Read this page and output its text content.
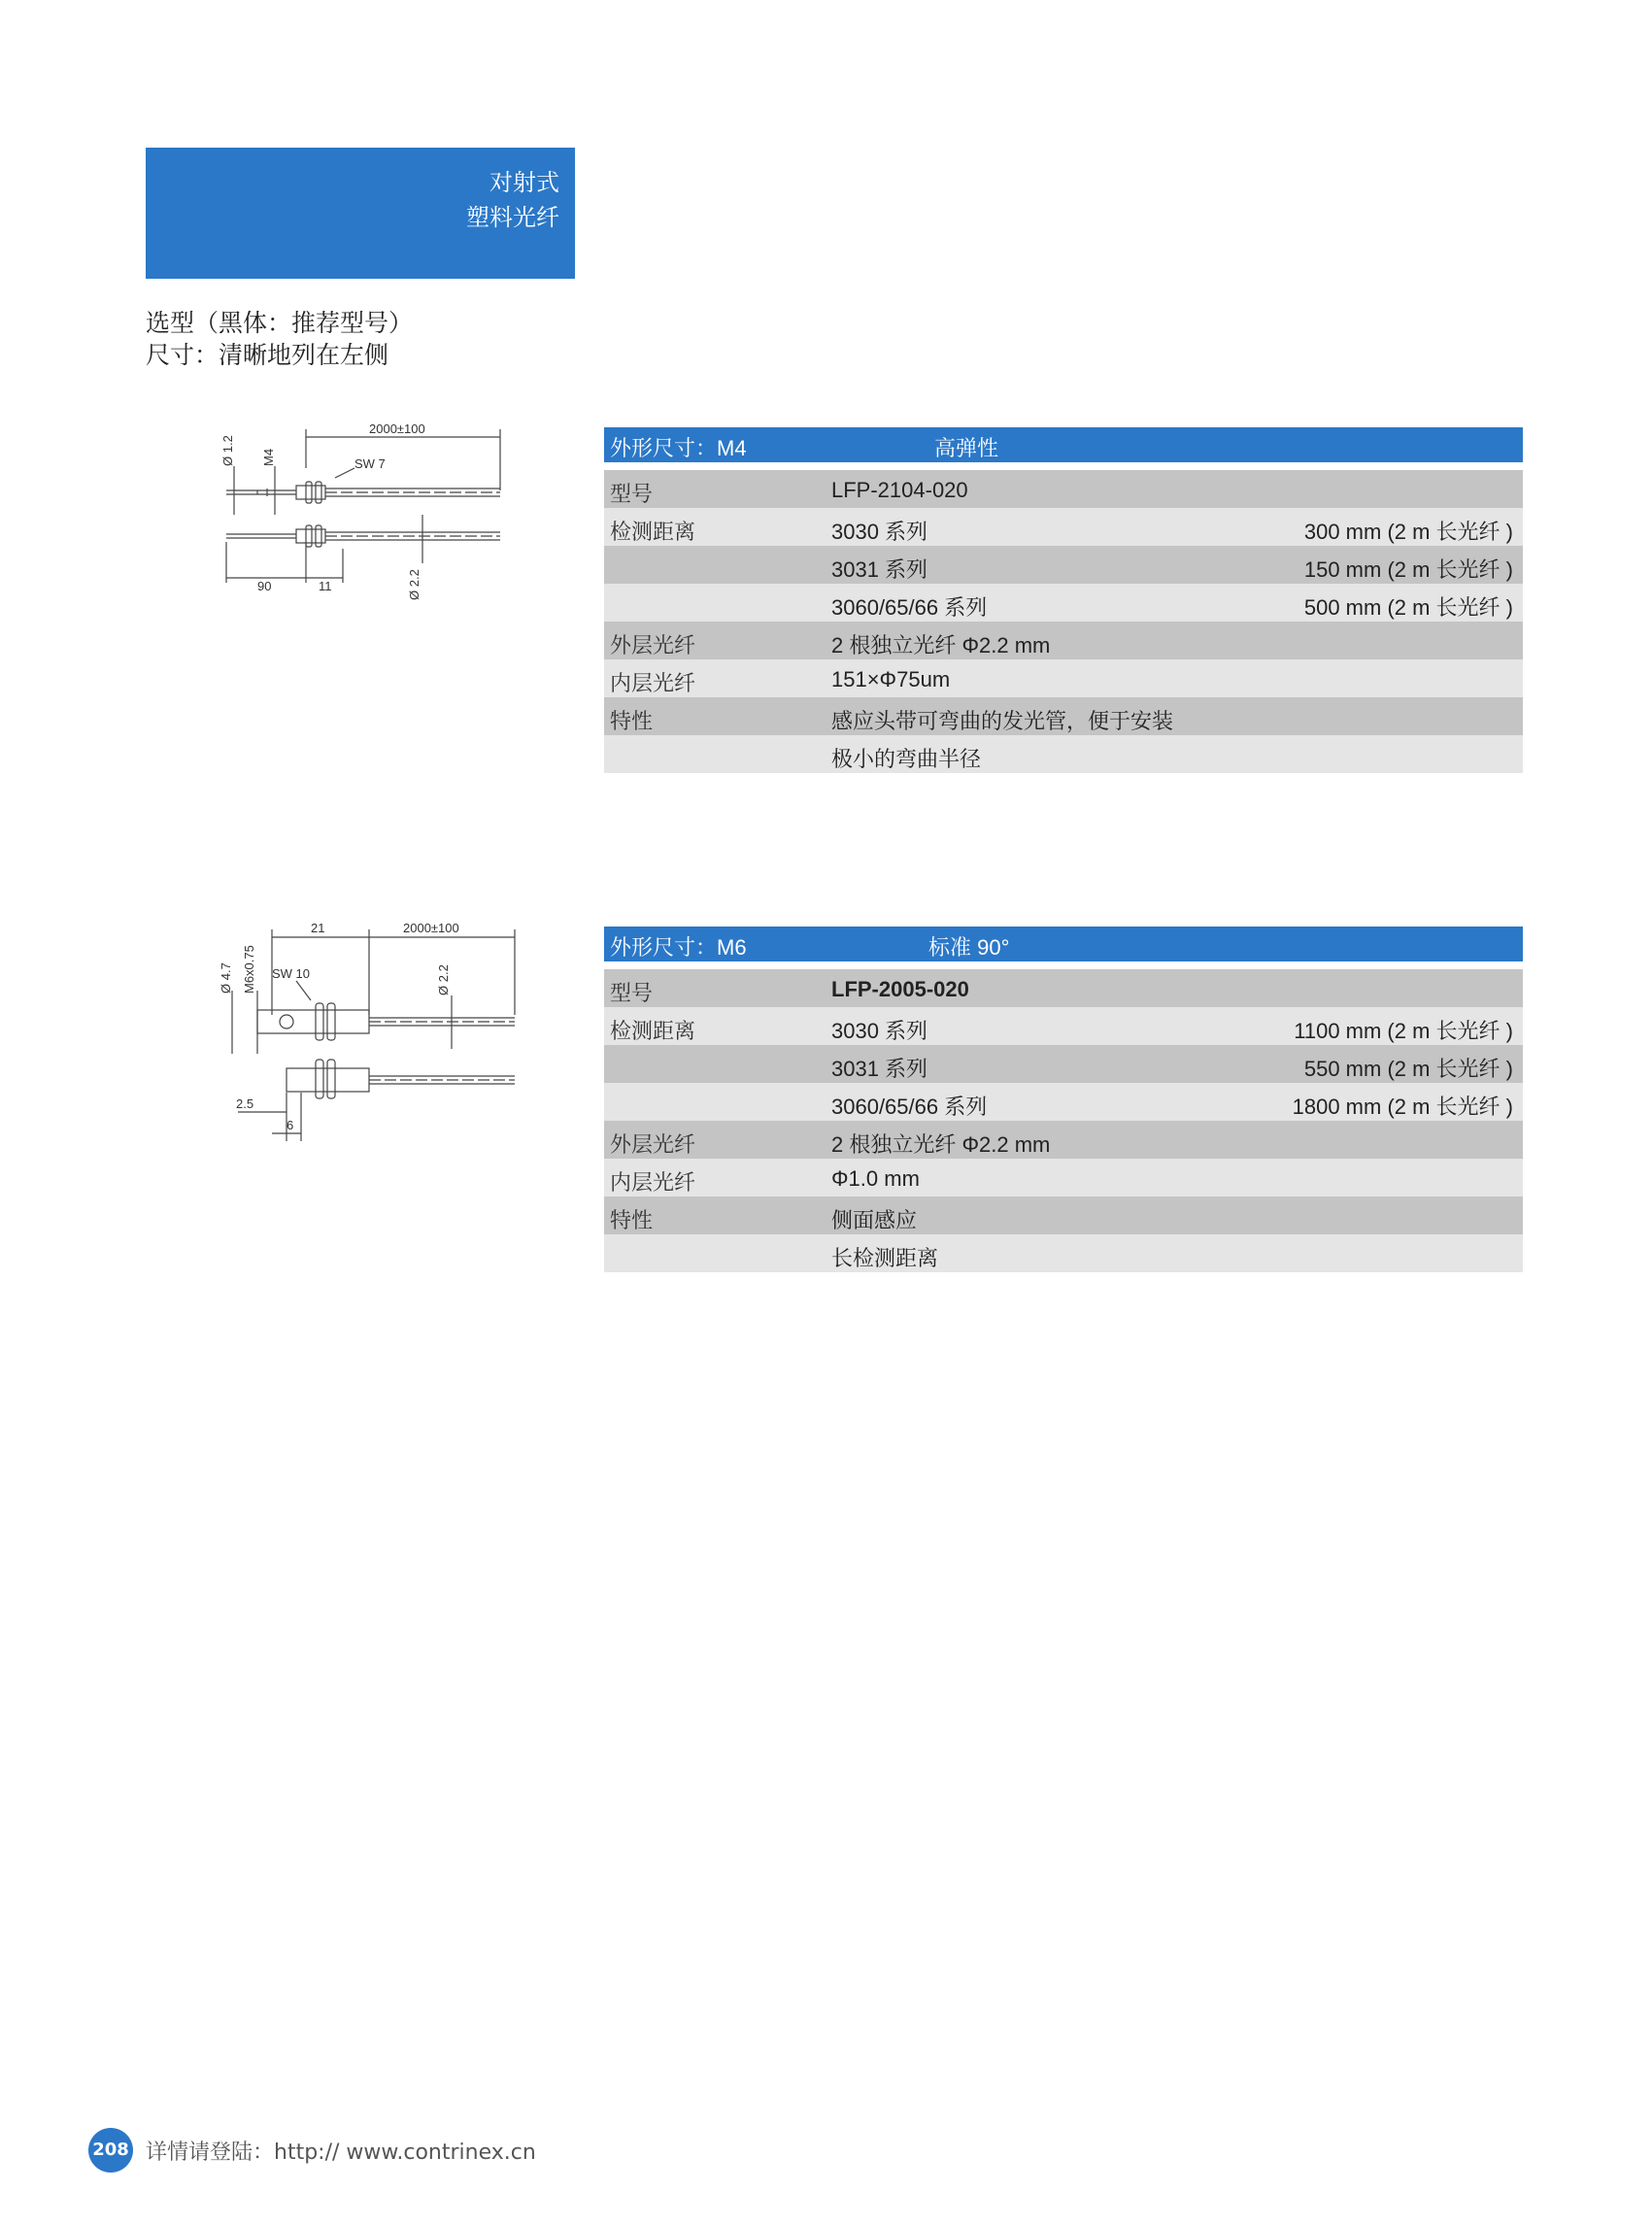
对射式
塑料光纤
选型（黑体：推荐型号）
尺寸：清晰地列在左侧
2000±100
SW 7
90	11
Ø 1.2 M4
Ø 2.2
外形尺寸：M4	高弹性
型号	LFP-2104-020
检测距离	3030 系列	300 mm (2 m 长光纤 )
3031 系列	150 mm (2 m 长光纤 )
3060/65/66 系列	500 mm (2 m 长光纤 )
外层光纤	2 根独立光纤 Φ2.2 mm
内层光纤	151×Φ75um
特性	感应头带可弯曲的发光管，便于安装
极小的弯曲半径
21	2000±100
SW 10
2.5
6
Ø 4.7 M6x0.75	Ø 2.2
外形尺寸：M6	标准 90°
型号	LFP-2005-020
检测距离	3030 系列	1100 mm (2 m 长光纤 )
3031 系列	550 mm (2 m 长光纤 )
3060/65/66 系列	1800 mm (2 m 长光纤 )
外层光纤	2 根独立光纤 Φ2.2 mm
内层光纤	Φ1.0 mm
特性	侧面感应
长检测距离
208 详情请登陆：http:// www.contrinex.cn
